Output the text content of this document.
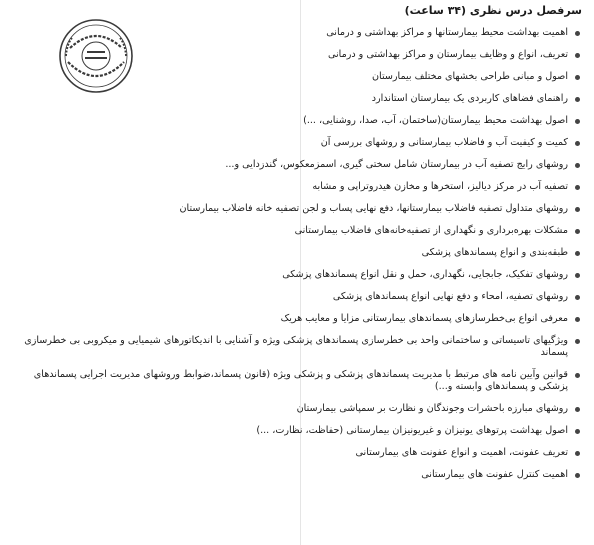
سرفصل درس نظری (۳۴ ساعت)
اهمیت بهداشت محیط بیمارستانها و مراکز بهداشتی و درمانی
تعریف، انواع و وظایف بیمارستان و مراکز بهداشتی و درمانی
اصول و مبانی طراحی بخشهای مختلف بیمارستان
راهنمای فضاهای کاربردی یک بیمارستان استاندارد
اصول بهداشت محیط بیمارستان(ساختمان، آب، صدا، روشنایی، ...)
کمیت و کیفیت آب و فاضلاب بیمارستانی و روشهای بررسی آن
روشهای رایج تصفیه آب در بیمارستان شامل سختی گیری، اسمزمعکوس، گندزدایی و...
تصفیه آب در مرکز دیالیز، استخرها و مخازن هیدروتراپی و مشابه
روشهای متداول تصفیه فاضلاب بیمارستانها، دفع نهایی پساب و لجن تصفیه خانه فاضلاب بیمارستان
مشکلات بهره‌برداری و نگهداری از تصفیه‌خانه‌های فاضلاب بیمارستانی
طبقه‌بندی و انواع پسماندهای پزشکی
روشهای تفکیک، جابجایی، نگهداری، حمل و نقل انواع پسماندهای پزشکی
روشهای تصفیه، امحاء و دفع نهایی انواع پسماندهای پزشکی
معرفی انواع بی‌خطرسازهای پسماندهای بیمارستانی مزایا و معایب هریک
ویژگیهای تاسیساتی و ساختمانی واحد بی خطرسازی پسماندهای پزشکی ویژه و آشنایی با اندیکاتورهای شیمیایی و میکروبی بی خطرسازی پسماند
قوانین وآیین نامه های مرتبط با مدیریت پسماندهای پزشکی و پزشکی ویژه (قانون پسماند،ضوابط وروشهای مدیریت اجرایی پسماندهای پزشکی و پسماندهای وابسته و...)
روشهای مبارزه باحشرات وجوندگان و نظارت بر سمپاشی بیمارستان
اصول بهداشت پرتوهای یونیزان و غیریونیزان بیمارستانی (حفاظت، نظارت، ...)
تعریف عفونت، اهمیت و انواع عفونت های بیمارستانی
اهمیت کنترل عفونت های بیمارستانی
